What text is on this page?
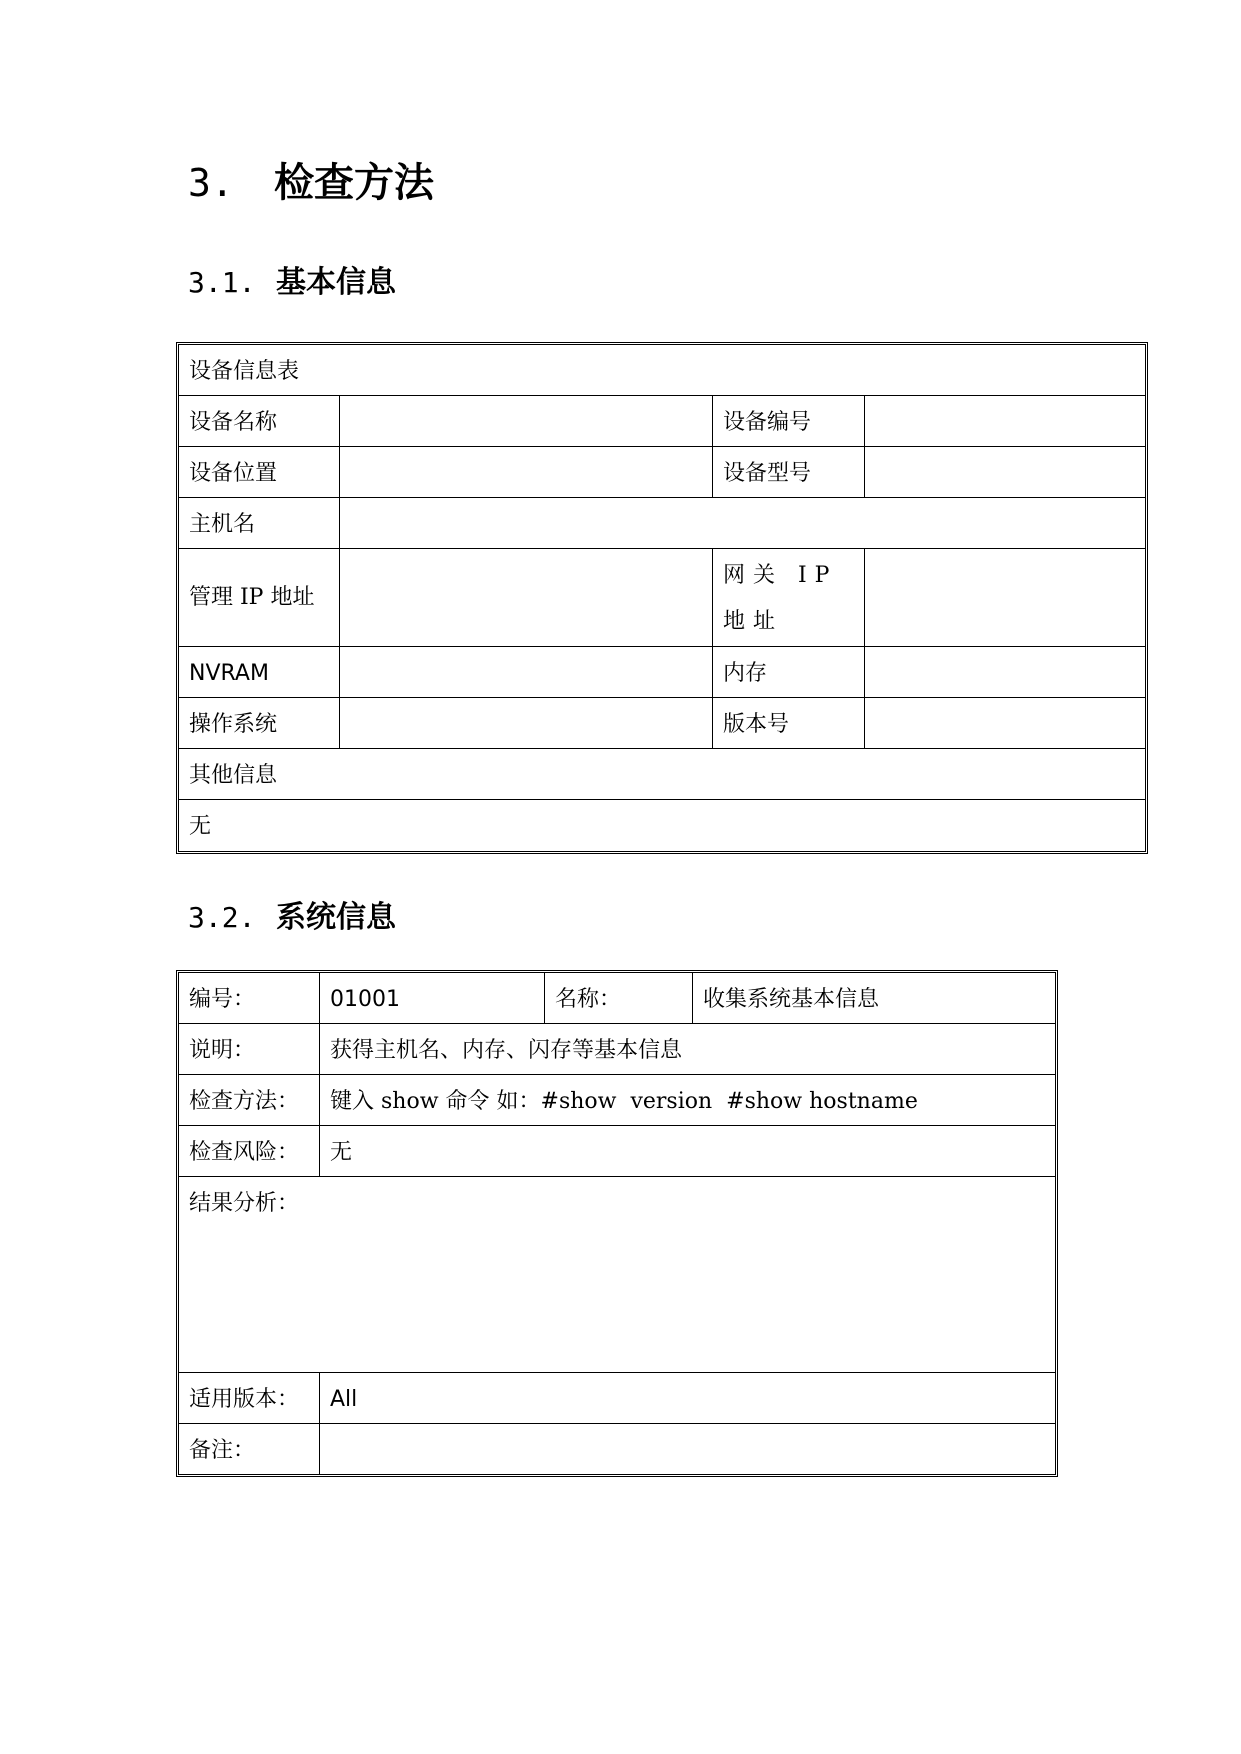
3. 检查方法
3.1. 基本信息
设备信息表			
设备名称		设备编号	
设备位置		设备型号	
主机名			
管理 IP 地址		网关 IP 地址	
NVRAM		内存	
操作系统		版本号	
其他信息			
无			
3.2. 系统信息
编号：	01001	名称：	收集系统基本信息
说明：	获得主机名、内存、闪存等基本信息		
检查方法：	键入 show 命令 如：#show  version  #show hostname		
检查风险：	无		

结果分析：			

适用版本：	All		
备注：			
